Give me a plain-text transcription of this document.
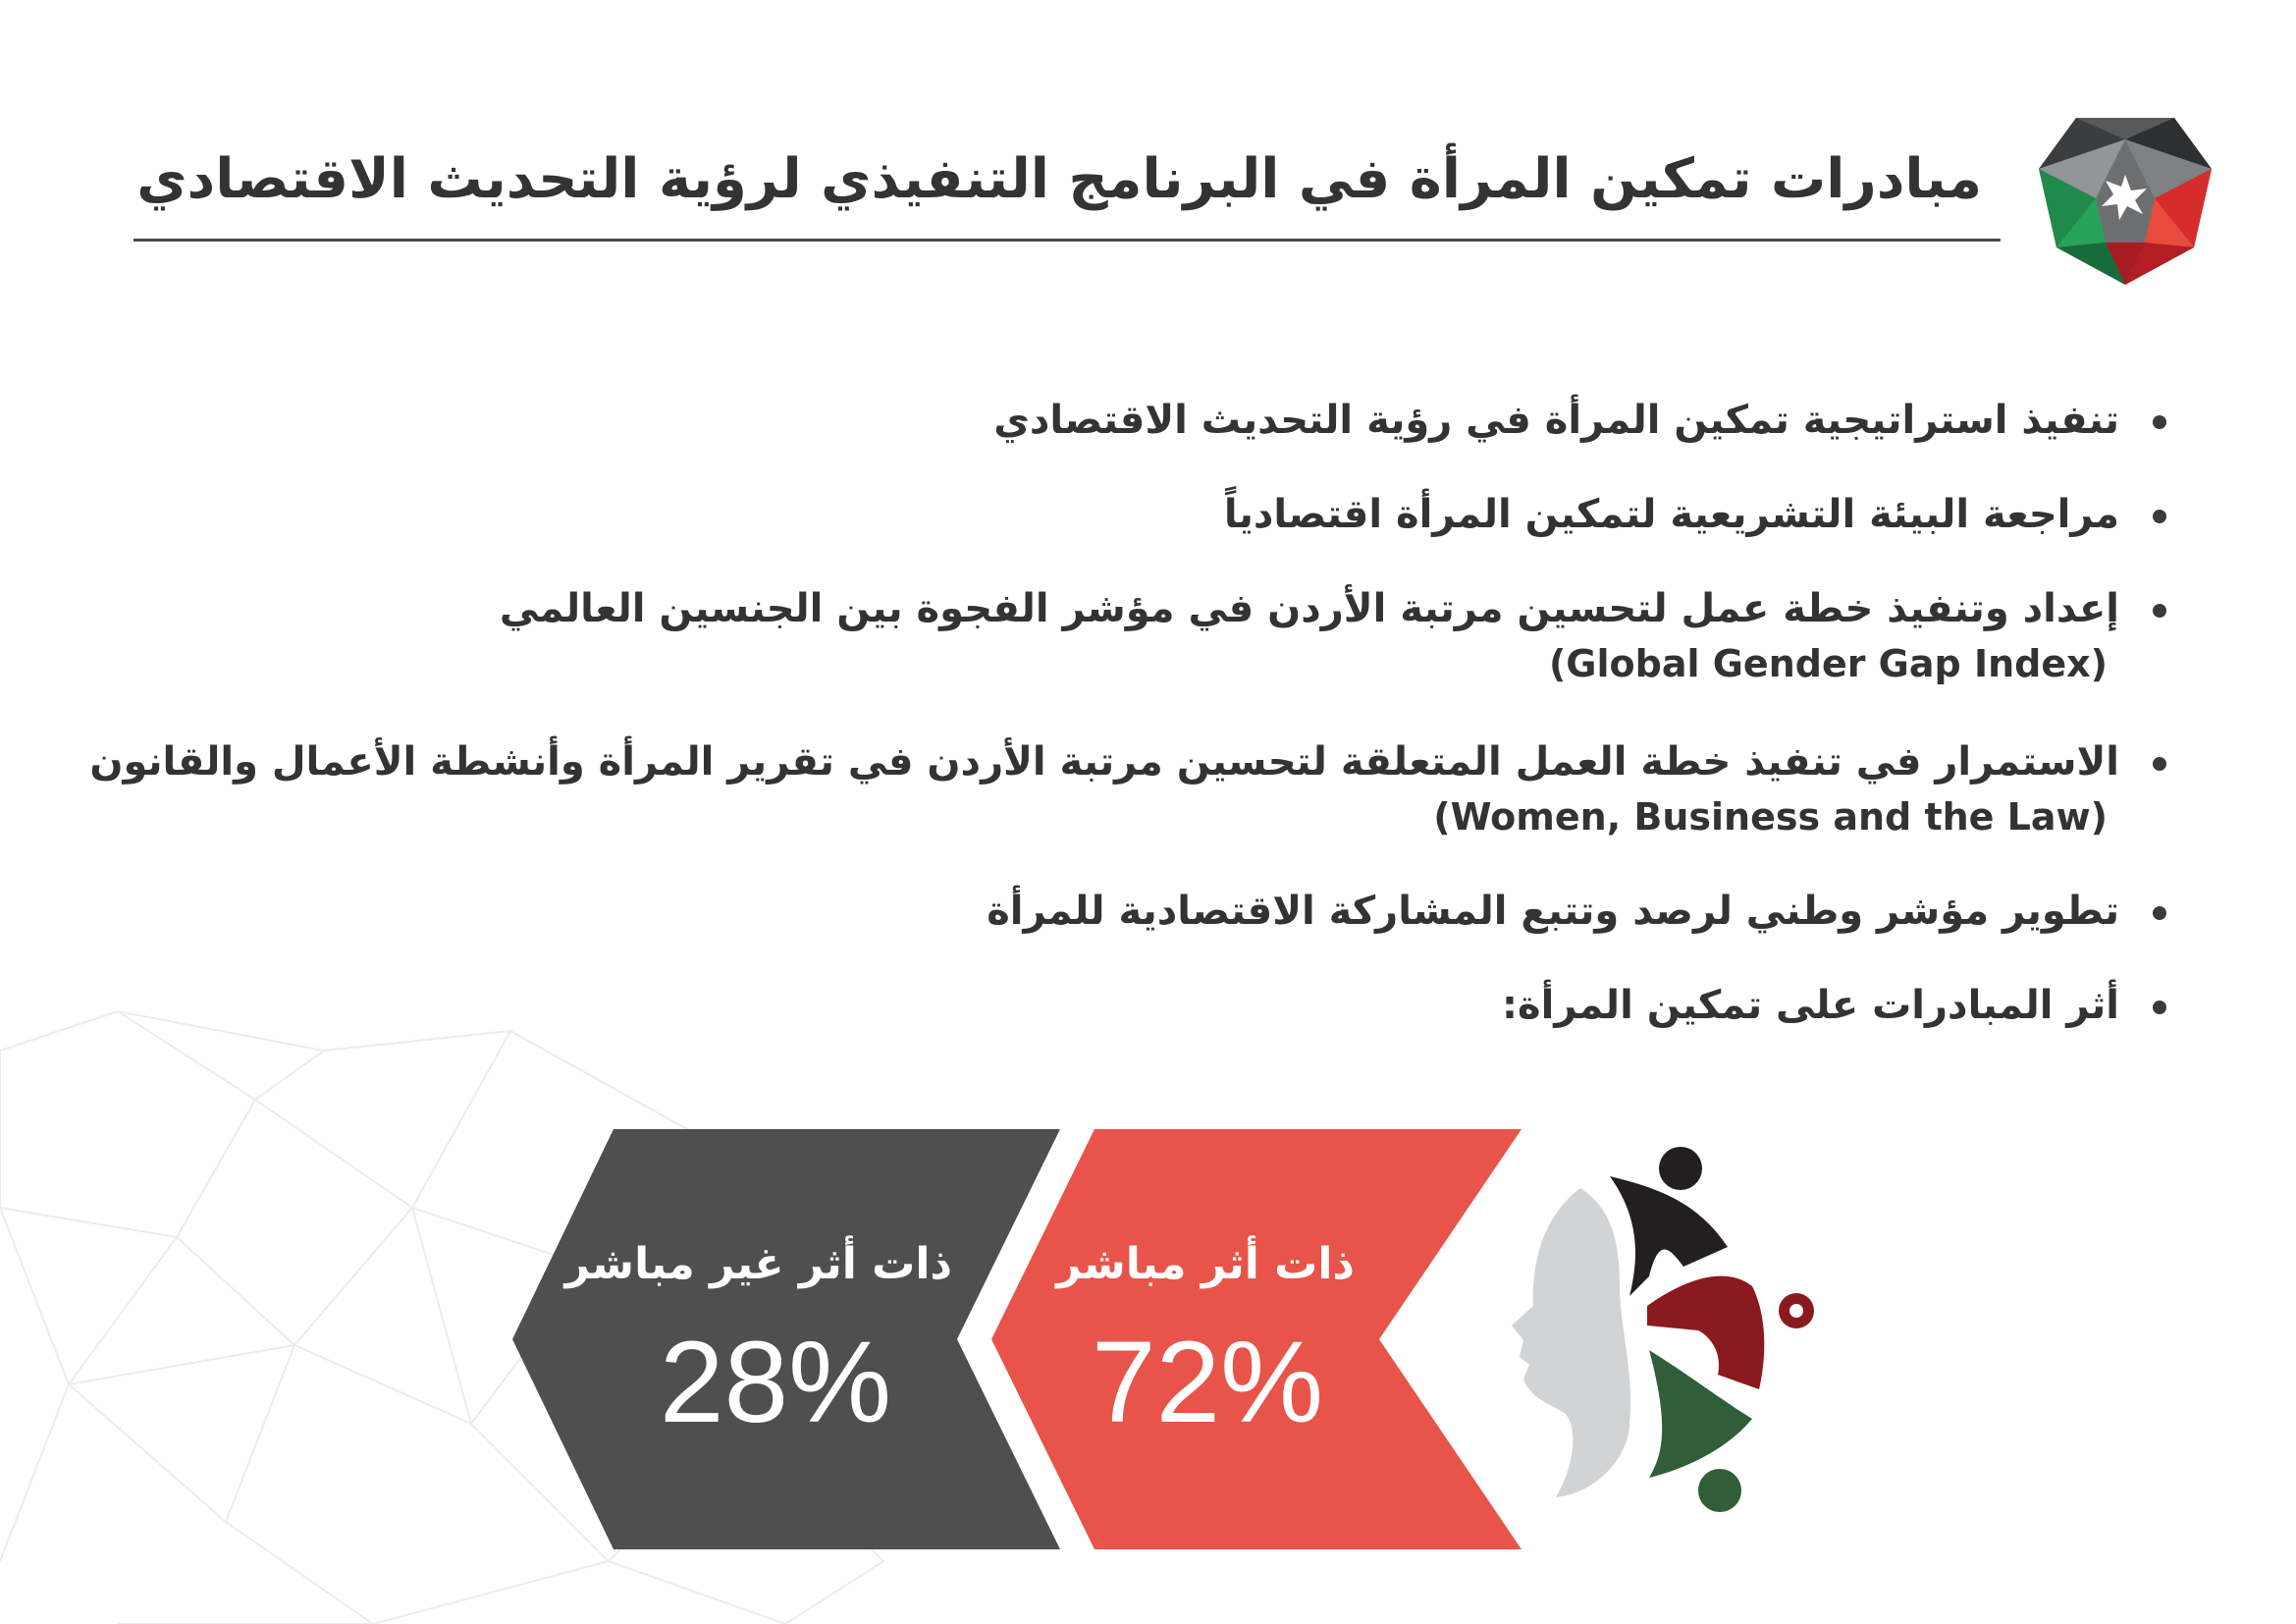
مبادرات تمكين المرأة في البرنامج التنفيذي لرؤية التحديث الاقتصادي
تنفيذ استراتيجية تمكين المرأة في رؤية التحديث الاقتصادي
مراجعة البيئة التشريعية لتمكين المرأة اقتصادياً
إعداد وتنفيذ خطة عمل لتحسين مرتبة الأردن في مؤشر الفجوة بين الجنسين العالمي
(Global Gender Gap Index)
الاستمرار في تنفيذ خطة العمل المتعلقة لتحسين مرتبة الأردن في تقرير المرأة وأنشطة الأعمال والقانون
(Women, Business and the Law)
تطوير مؤشر وطني لرصد وتتبع المشاركة الاقتصادية للمرأة
أثر المبادرات على تمكين المرأة:
ذات أثر مباشر
72%
ذات أثر غير مباشر
28%
